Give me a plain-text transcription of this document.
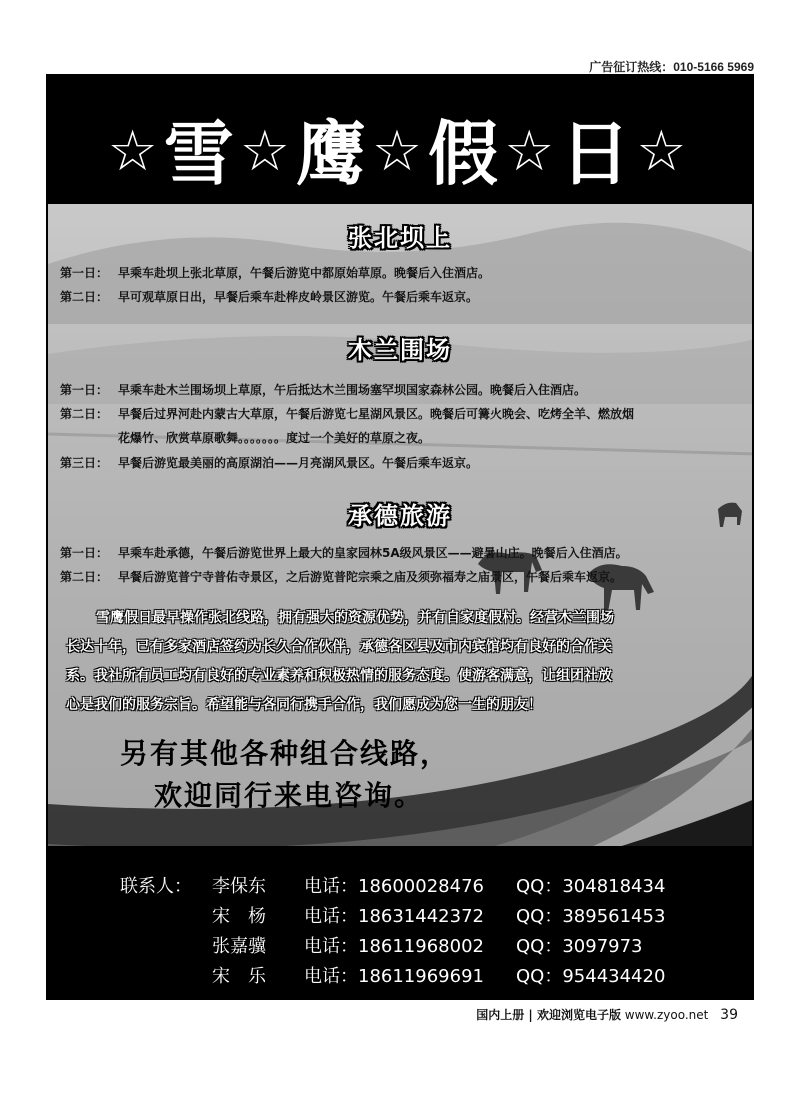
广告征订热线：010-5166 5969
☆雪☆鹰☆假☆日☆
张北坝上
第一日： 早乘车赴坝上张北草原，午餐后游览中都原始草原。晚餐后入住酒店。
第二日： 早可观草原日出，早餐后乘车赴桦皮岭景区游览。午餐后乘车返京。
木兰围场
第一日： 早乘车赴木兰围场坝上草原，午后抵达木兰围场塞罕坝国家森林公园。晚餐后入住酒店。
第二日： 早餐后过界河赴内蒙古大草原，午餐后游览七星湖风景区。晚餐后可篝火晚会、吃烤全羊、燃放烟
花爆竹、欣赏草原歌舞。。。。。。。度过一个美好的草原之夜。
第三日： 早餐后游览最美丽的高原湖泊——月亮湖风景区。午餐后乘车返京。
承德旅游
第一日： 早乘车赴承德，午餐后游览世界上最大的皇家园林5A级风景区——避暑山庄。晚餐后入住酒店。
第二日： 早餐后游览普宁寺普佑寺景区，之后游览普陀宗乘之庙及须弥福寿之庙景区，午餐后乘车返京。
雪鹰假日最早操作张北线路，拥有强大的资源优势，并有自家度假村。经营木兰围场
长达十年，已有多家酒店签约为长久合作伙伴，承德各区县及市内宾馆均有良好的合作关
系。我社所有员工均有良好的专业素养和积极热情的服务态度。使游客满意，让组团社放
心是我们的服务宗旨。希望能与各同行携手合作，我们愿成为您一生的朋友！
另有其他各种组合线路，
欢迎同行来电咨询。
联系人： 李保东 电话：18600028476 QQ：304818434
宋　杨 电话：18631442372 QQ：389561453
张嘉骥 电话：18611968002 QQ：3097973
宋　乐 电话：18611969691 QQ：954434420
国内上册 | 欢迎浏览电子版 www.zyoo.net 39
